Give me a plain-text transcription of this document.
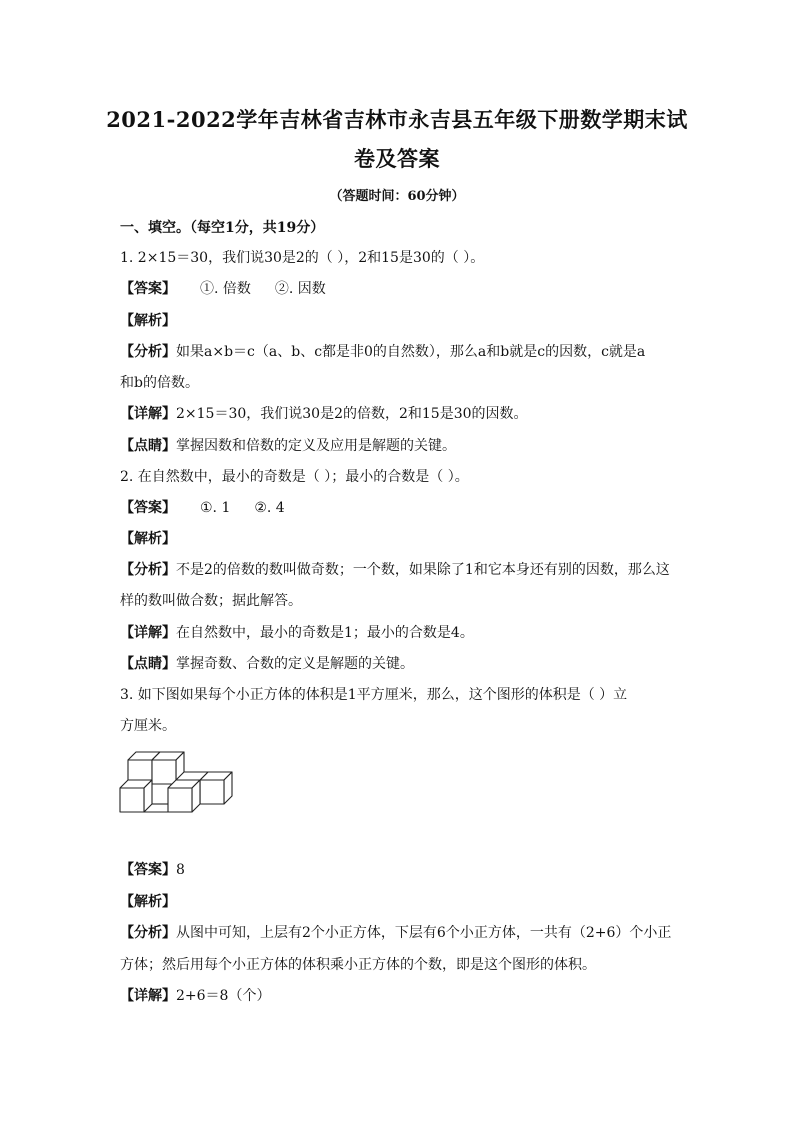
2021-2022学年吉林省吉林市永吉县五年级下册数学期末试
卷及答案
（答题时间：60分钟）
一、填空。（每空1分，共19分）
1. 2×15＝30，我们说30是2的（ ），2和15是30的（ ）。
【答案】 ①. 倍数 ②. 因数
【解析】
【分析】如果a×b＝c（a、b、c都是非0的自然数），那么a和b就是c的因数，c就是a
和b的倍数。
【详解】2×15＝30，我们说30是2的倍数，2和15是30的因数。
【点睛】掌握因数和倍数的定义及应用是解题的关键。
2. 在自然数中，最小的奇数是（ ）；最小的合数是（ ）。
【答案】 ①. 1 ②. 4
【解析】
【分析】不是2的倍数的数叫做奇数；一个数，如果除了1和它本身还有别的因数，那么这
样的数叫做合数；据此解答。
【详解】在自然数中，最小的奇数是1；最小的合数是4。
【点睛】掌握奇数、合数的定义是解题的关键。
3. 如下图如果每个小正方体的体积是1平方厘米，那么，这个图形的体积是（ ）立
方厘米。
【答案】8
【解析】
【分析】从图中可知，上层有2个小正方体，下层有6个小正方体，一共有（2+6）个小正
方体；然后用每个小正方体的体积乘小正方体的个数，即是这个图形的体积。
【详解】2+6＝8（个）
